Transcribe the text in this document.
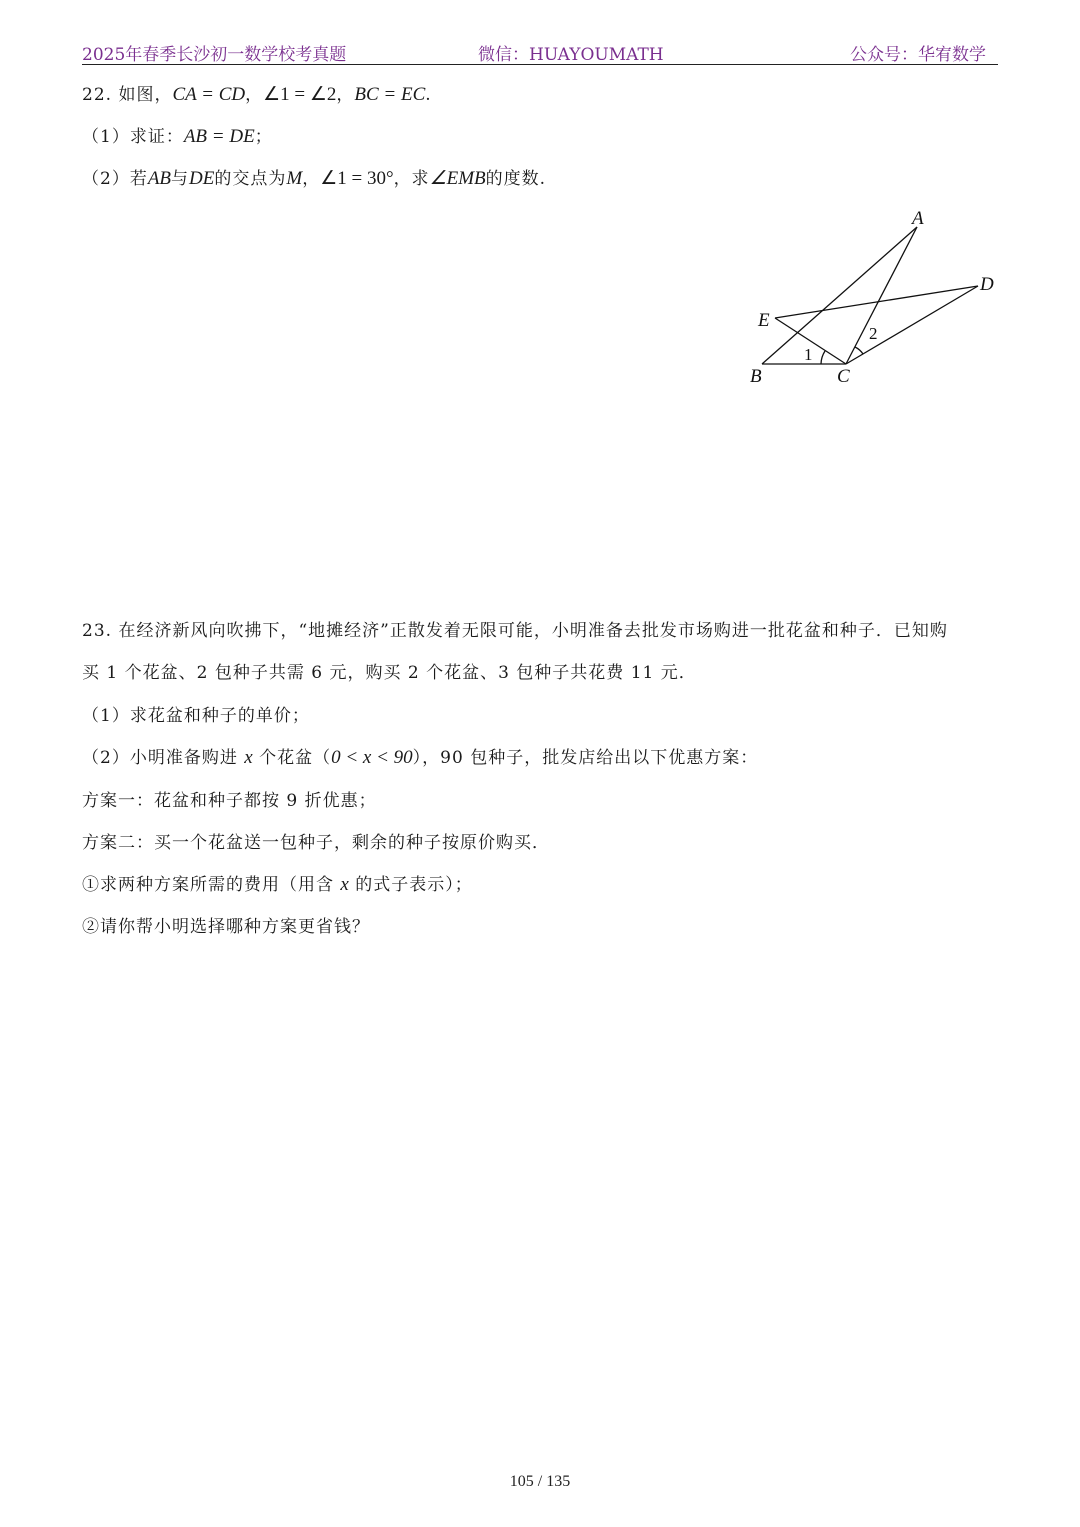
2025年春季长沙初一数学校考真题	微信：HUAYOUMATH	公众号：华宥数学
22. 如图，CA = CD，∠1 = ∠2，BC = EC.
（1）求证：AB = DE；
（2）若AB与DE的交点为M，∠1 = 30°，求∠EMB的度数.
A
D
E
B	C
1
2
23. 在经济新风向吹拂下，“地摊经济”正散发着无限可能，小明准备去批发市场购进一批花盆和种子．已知购
买 1 个花盆、2 包种子共需 6 元，购买 2 个花盆、3 包种子共花费 11 元．
（1）求花盆和种子的单价；
（2）小明准备购进 x 个花盆（0 < x < 90），90 包种子，批发店给出以下优惠方案：
方案一：花盆和种子都按 9 折优惠；
方案二：买一个花盆送一包种子，剩余的种子按原价购买．
①求两种方案所需的费用（用含 x 的式子表示）；
②请你帮小明选择哪种方案更省钱？
105 / 135
